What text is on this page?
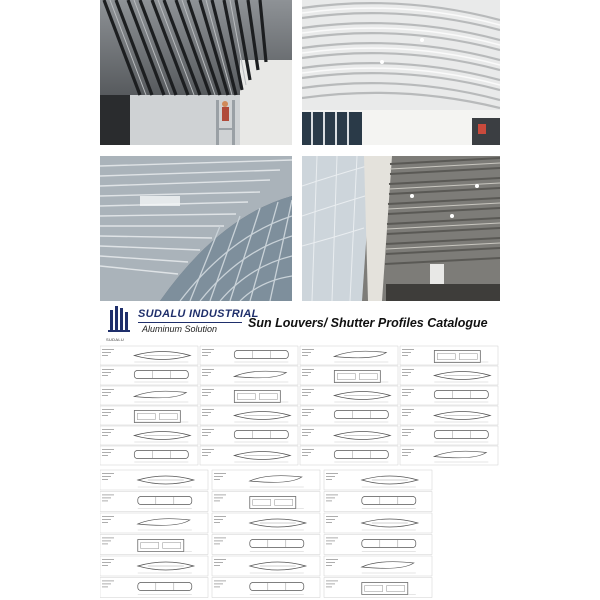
SUDALU
SUDALU INDUSTRIAL
Aluminum Solution Sun Louvers/ Shutter Profiles Catalogue
